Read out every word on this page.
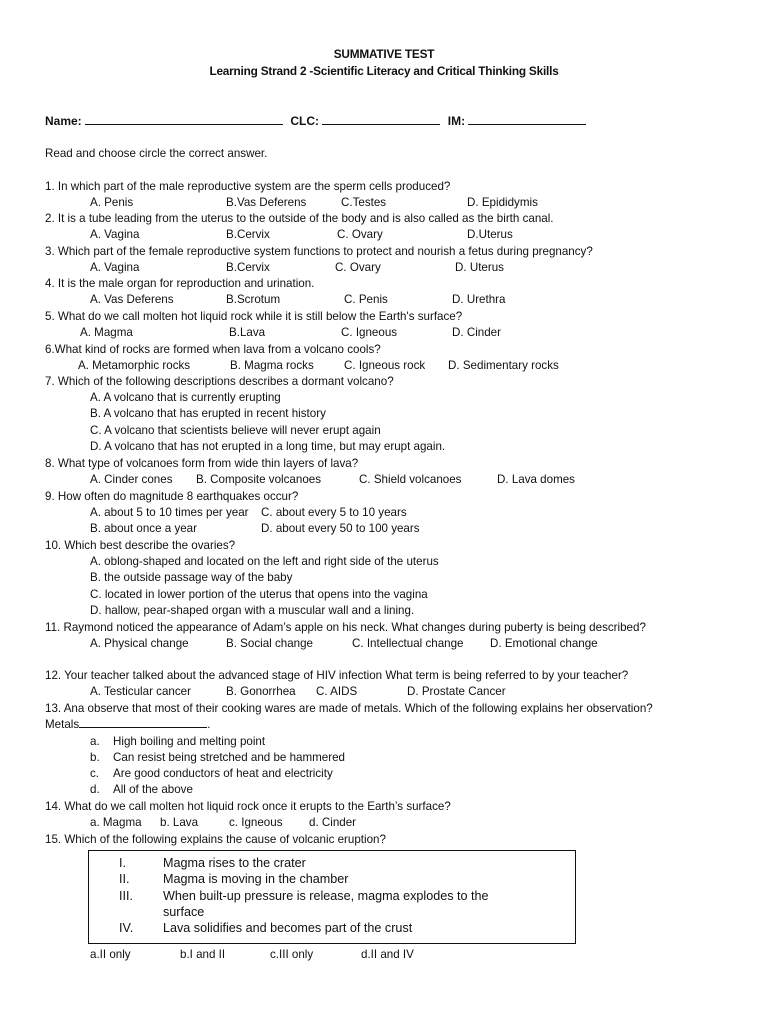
SUMMATIVE TEST
Learning Strand 2 -Scientific Literacy and Critical Thinking Skills
Name:	CLC:	IM:
Read and choose circle the correct answer.
1. In which part of the male reproductive system are the sperm cells produced?
A. Penis	B.Vas Deferens	C.Testes	D. Epididymis
2. It is a tube leading from the uterus to the outside of the body and is also called as the birth canal.
A. Vagina	B.Cervix	C. Ovary	D.Uterus
3. Which part of the female reproductive system functions to protect and nourish a fetus during pregnancy?
A. Vagina	B.Cervix	C. Ovary	D. Uterus
4. It is the male organ for reproduction and urination.
A. Vas Deferens	B.Scrotum	C. Penis	D. Urethra
5. What do we call molten hot liquid rock while it is still below the Earth's surface?
A. Magma	B.Lava	C. Igneous	D. Cinder
6.What kind of rocks are formed when lava from a volcano cools?
A. Metamorphic rocks	B. Magma rocks	C. Igneous rock D. Sedimentary rocks
7. Which of the following descriptions describes a dormant volcano?
A. A volcano that is currently erupting
B. A volcano that has erupted in recent history
C. A volcano that scientists believe will never erupt again
D. A volcano that has not erupted in a long time, but may erupt again.
8. What type of volcanoes form from wide thin layers of lava?
A. Cinder cones B. Composite volcanoes	C. Shield volcanoes	D. Lava domes
9. How often do magnitude 8 earthquakes occur?
A. about 5 to 10 times per year C. about every 5 to 10 years
B. about once a year	D. about every 50 to 100 years
10. Which best describe the ovaries?
A. oblong-shaped and located on the left and right side of the uterus
B. the outside passage way of the baby
C. located in lower portion of the uterus that opens into the vagina
D. hallow, pear-shaped organ with a muscular wall and a lining.
11. Raymond noticed the appearance of Adam’s apple on his neck. What changes during puberty is being described?
A. Physical change	B. Social change	C. Intellectual change D. Emotional change
12. Your teacher talked about the advanced stage of HIV infection What term is being referred to by your teacher?
A. Testicular cancer	B. Gonorrhea C. AIDS	D. Prostate Cancer
13. Ana observe that most of their cooking wares are made of metals. Which of the following explains her observation?
Metals	.
a. High boiling and melting point
b. Can resist being stretched and be hammered
c. Are good conductors of heat and electricity
d. All of the above
14. What do we call molten hot liquid rock once it erupts to the Earth’s surface?
a. Magma b. Lava	c. Igneous d. Cinder
15. Which of the following explains the cause of volcanic eruption?
I.	Magma rises to the crater
II.	Magma is moving in the chamber
III. When built-up pressure is release, magma explodes to the
surface
IV. Lava solidifies and becomes part of the crust
a.II only	b.I and II	c.III only	d.II and IV
